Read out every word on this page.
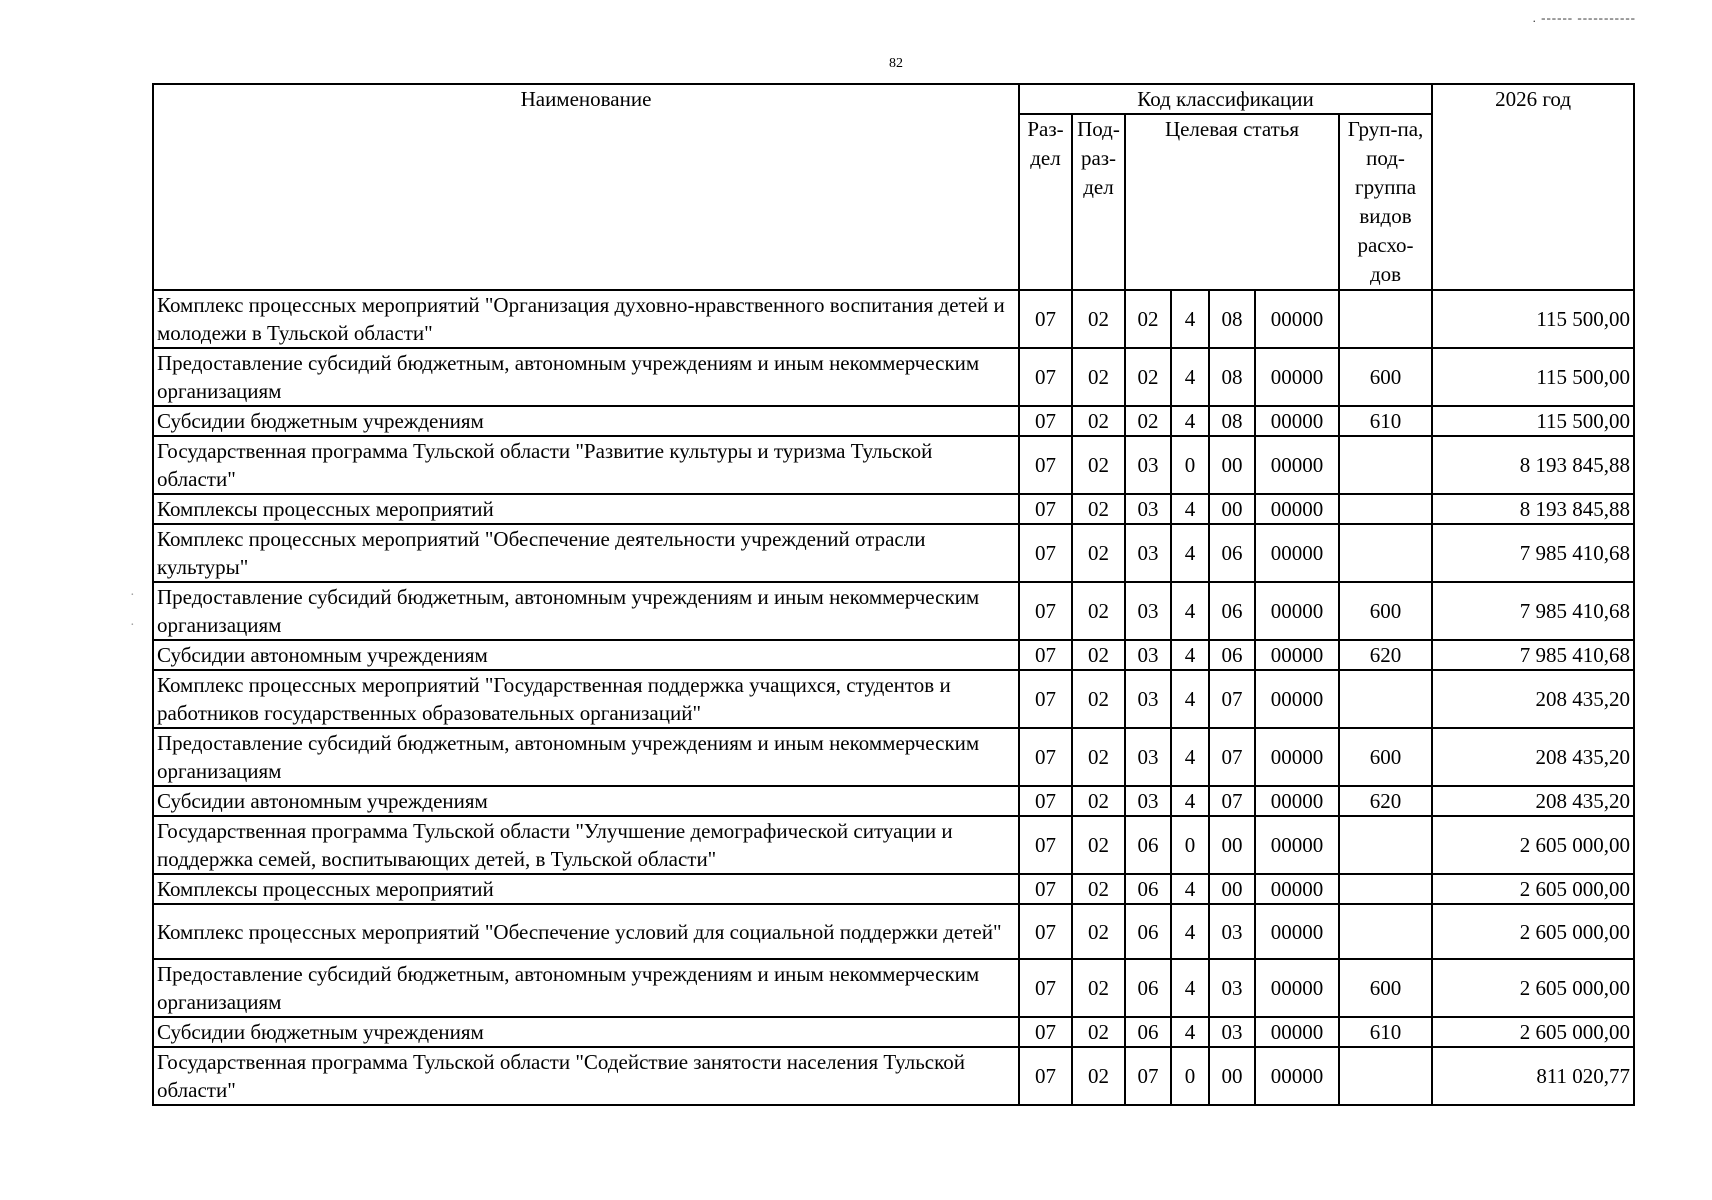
. ------ -----------
82
·
·
Наименование	Код классификации							2026 год
	Раз-дел	Под-раз-дел	Целевая статья				Груп-па, под-группа видов расхо-дов	
Комплекс процессных мероприятий "Организация духовно-нравственного воспитания детей и молодежи в Тульской области"	07	02	02	4	08	00000		115 500,00
Предоставление субсидий бюджетным, автономным учреждениям и иным некоммерческим организациям	07	02	02	4	08	00000	600	115 500,00
Субсидии бюджетным учреждениям	07	02	02	4	08	00000	610	115 500,00
Государственная программа Тульской области "Развитие культуры и туризма Тульской области"	07	02	03	0	00	00000		8 193 845,88
Комплексы процессных мероприятий	07	02	03	4	00	00000		8 193 845,88
Комплекс процессных мероприятий "Обеспечение деятельности учреждений отрасли культуры"	07	02	03	4	06	00000		7 985 410,68
Предоставление субсидий бюджетным, автономным учреждениям и иным некоммерческим организациям	07	02	03	4	06	00000	600	7 985 410,68
Субсидии автономным учреждениям	07	02	03	4	06	00000	620	7 985 410,68
Комплекс процессных мероприятий "Государственная поддержка учащихся, студентов и работников государственных образовательных организаций"	07	02	03	4	07	00000		208 435,20
Предоставление субсидий бюджетным, автономным учреждениям и иным некоммерческим организациям	07	02	03	4	07	00000	600	208 435,20
Субсидии автономным учреждениям	07	02	03	4	07	00000	620	208 435,20
Государственная программа Тульской области "Улучшение демографической ситуации и поддержка семей, воспитывающих детей, в Тульской области"	07	02	06	0	00	00000		2 605 000,00
Комплексы процессных мероприятий	07	02	06	4	00	00000		2 605 000,00
Комплекс процессных мероприятий "Обеспечение условий для социальной поддержки детей"	07	02	06	4	03	00000		2 605 000,00
Предоставление субсидий бюджетным, автономным учреждениям и иным некоммерческим организациям	07	02	06	4	03	00000	600	2 605 000,00
Субсидии бюджетным учреждениям	07	02	06	4	03	00000	610	2 605 000,00
Государственная программа Тульской области "Содействие занятости населения Тульской области"	07	02	07	0	00	00000		811 020,77
